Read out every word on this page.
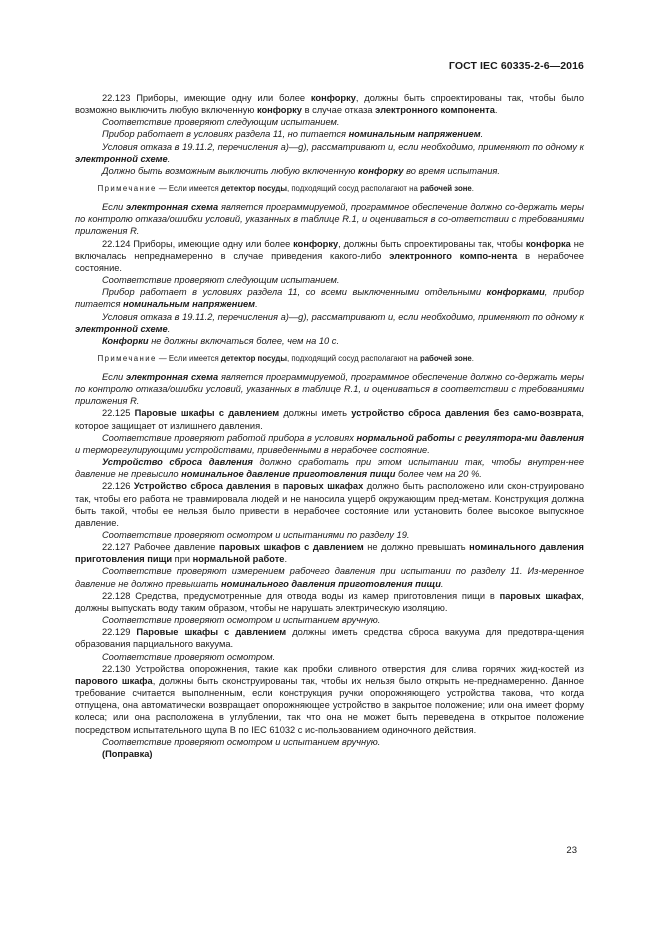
ГОСТ IEC 60335-2-6—2016

22.123 Приборы, имеющие одну или более конфорку, должны быть спроектированы так, чтобы было возможно выключить любую включенную конфорку в случае отказа электронного компонента.

Соответствие проверяют следующим испытанием.

Прибор работает в условиях раздела 11, но питается номинальным напряжением.

Условия отказа в 19.11.2, перечисления а)—g), рассматривают и, если необходимо, применяют по одному к электронной схеме.

Должно быть возможным выключить любую включенную конфорку во время испытания.

Примечание — Если имеется детектор посуды, подходящий сосуд располагают на рабочей зоне.

Если электронная схема является программируемой, программное обеспечение должно со-держать меры по контролю отказа/ошибки условий, указанных в таблице R.1, и оцениваться в со-ответствии с требованиями приложения R.

22.124 Приборы, имеющие одну или более конфорку, должны быть спроектированы так, чтобы конфорка не включалась непреднамеренно в случае приведения какого-либо электронного компо-нента в нерабочее состояние.

Соответствие проверяют следующим испытанием.

Прибор работает в условиях раздела 11, со всеми выключенными отдельными конфорками, прибор питается номинальным напряжением.

Условия отказа в 19.11.2, перечисления а)—g), рассматривают и, если необходимо, применяют по одному к электронной схеме.

Конфорки не должны включаться более, чем на 10 с.

Примечание — Если имеется детектор посуды, подходящий сосуд располагают на рабочей зоне.

Если электронная схема является программируемой, программное обеспечение должно со-держать меры по контролю отказа/ошибки условий, указанных в таблице R.1, и оцениваться в соответствии с требованиями приложения R.

22.125 Паровые шкафы с давлением должны иметь устройство сброса давления без само-возврата, которое защищает от излишнего давления.

Соответствие проверяют работой прибора в условиях нормальной работы с регулятора-ми давления и терморегулирующими устройствами, приведенными в нерабочее состояние.

Устройство сброса давления должно сработать при этом испытании так, чтобы внутрен-нее давление не превысило номинальное давление приготовления пищи более чем на 20 %.

22.126 Устройство сброса давления в паровых шкафах должно быть расположено или скон-струировано так, чтобы его работа не травмировала людей и не наносила ущерб окружающим пред-метам. Конструкция должна быть такой, чтобы ее нельзя было привести в нерабочее состояние или установить более высокое выпускное давление.

Соответствие проверяют осмотром и испытаниями по разделу 19.

22.127 Рабочее давление паровых шкафов с давлением не должно превышать номинального давления приготовления пищи при нормальной работе.

Соответствие проверяют измерением рабочего давления при испытании по разделу 11. Из-меренное давление не должно превышать номинального давления приготовления пищи.

22.128 Средства, предусмотренные для отвода воды из камер приготовления пищи в паровых шкафах, должны выпускать воду таким образом, чтобы не нарушать электрическую изоляцию.

Соответствие проверяют осмотром и испытанием вручную.

22.129 Паровые шкафы с давлением должны иметь средства сброса вакуума для предотвра-щения образования парциального вакуума.

Соответствие проверяют осмотром.

22.130 Устройства опорожнения, такие как пробки сливного отверстия для слива горячих жид-костей из парового шкафа, должны быть сконструированы так, чтобы их нельзя было открыть не-преднамеренно. Данное требование считается выполненным, если конструкция ручки опорожняющего устройства такова, что когда отпущена, она автоматически возвращает опорожняющее устройство в закрытое положение; или она имеет форму колеса; или она расположена в углублении, так что она не может быть переведена в открытое положение посредством испытательного щупа В по IEC 61032 с ис-пользованием одиночного действия.

Соответствие проверяют осмотром и испытанием вручную.

(Поправка)

23
